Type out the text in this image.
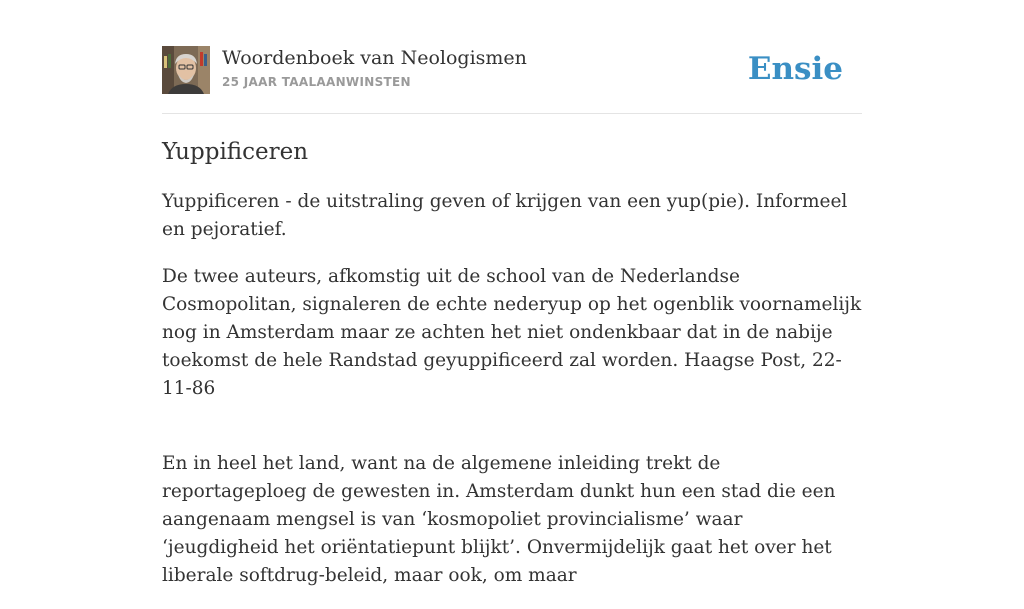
Woordenboek van Neologismen
25 JAAR TAALAANWINSTEN	Ensie
Yuppificeren

Yuppificeren - de uitstraling geven of krijgen van een yup(pie). Informeel en pejoratief.

De twee auteurs, afkomstig uit de school van de Nederlandse Cosmopolitan, signaleren de echte nederyup op het ogenblik voornamelijk nog in Amsterdam maar ze achten het niet ondenkbaar dat in de nabije toekomst de hele Randstad geyuppificeerd zal worden. Haagse Post, 22-11-86

En in heel het land, want na de algemene inleiding trekt de reportageploeg de gewesten in. Amsterdam dunkt hun een stad die een aangenaam mengsel is van ‘kosmopoliet provincialisme’ waar ‘jeugdigheid het oriëntatiepunt blijkt’. Onvermijdelijk gaat het over het liberale softdrug-beleid, maar ook, om maar
